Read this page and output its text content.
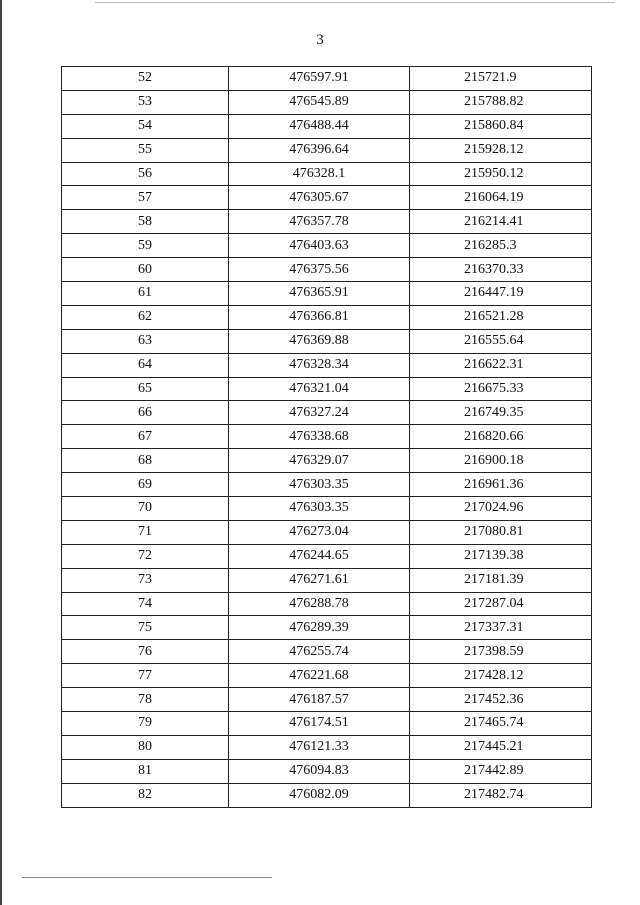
3
52	476597.91	215721.9
53	476545.89	215788.82
54	476488.44	215860.84
55	476396.64	215928.12
56	476328.1	215950.12
57	476305.67	216064.19
58	476357.78	216214.41
59	476403.63	216285.3
60	476375.56	216370.33
61	476365.91	216447.19
62	476366.81	216521.28
63	476369.88	216555.64
64	476328.34	216622.31
65	476321.04	216675.33
66	476327.24	216749.35
67	476338.68	216820.66
68	476329.07	216900.18
69	476303.35	216961.36
70	476303.35	217024.96
71	476273.04	217080.81
72	476244.65	217139.38
73	476271.61	217181.39
74	476288.78	217287.04
75	476289.39	217337.31
76	476255.74	217398.59
77	476221.68	217428.12
78	476187.57	217452.36
79	476174.51	217465.74
80	476121.33	217445.21
81	476094.83	217442.89
82	476082.09	217482.74
